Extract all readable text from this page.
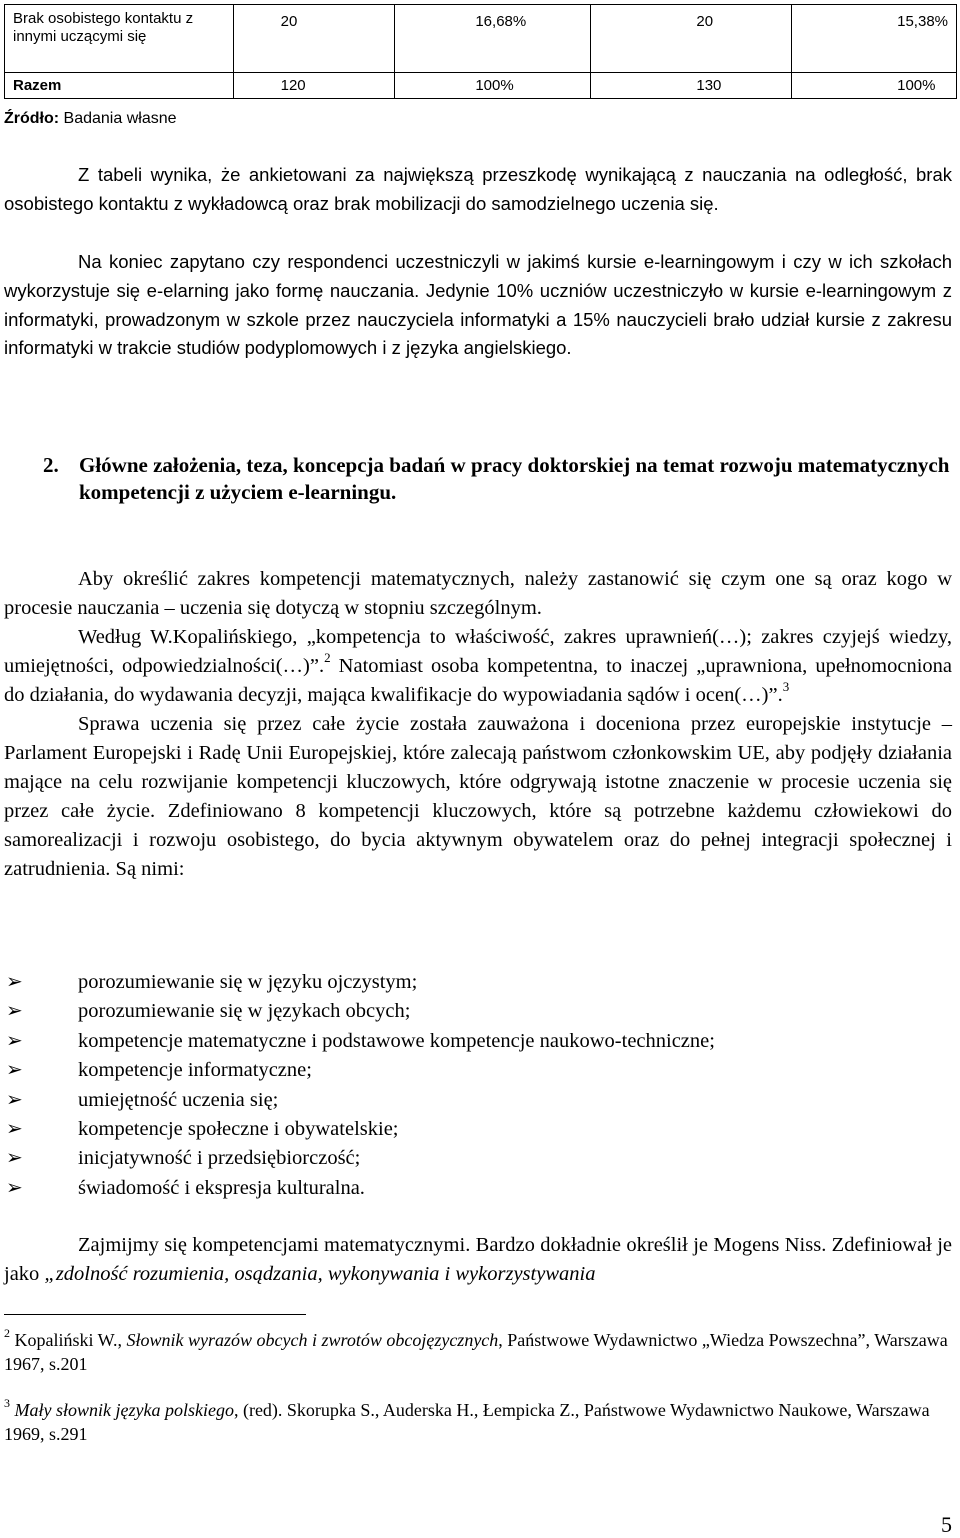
Brak osobistego kontaktu z innymi uczącymi się	20	16,68%	20	15,38%
Razem	120	100%	130	100%
Źródło: Badania własne
Z tabeli wynika, że ankietowani za największą przeszkodę wynikającą z nauczania na odległość, brak osobistego kontaktu z wykładowcą oraz brak mobilizacji do samodzielnego uczenia się.
Na koniec zapytano czy respondenci uczestniczyli w jakimś kursie e-learningowym i czy w ich szkołach wykorzystuje się e-elarning jako formę nauczania. Jedynie 10% uczniów uczestniczyło w kursie e-learningowym z informatyki, prowadzonym w szkole przez nauczyciela informatyki a 15% nauczycieli brało udział kursie z zakresu informatyki w trakcie studiów podyplomowych i z języka angielskiego.
2. Główne założenia, teza, koncepcja badań w pracy doktorskiej na temat rozwoju matematycznych kompetencji z użyciem e-learningu.

Aby określić zakres kompetencji matematycznych, należy zastanowić się czym one są oraz kogo w procesie nauczania – uczenia się dotyczą w stopniu szczególnym.

Według W.Kopalińskiego, „kompetencja to właściwość, zakres uprawnień(…); zakres czyjejś wiedzy, umiejętności, odpowiedzialności(…)”.$^2$ Natomiast osoba kompetentna, to inaczej „uprawniona, upełnomocniona do działania, do wydawania decyzji, mająca kwalifikacje do wypowiadania sądów i ocen(…)”.$^3$

Sprawa uczenia się przez całe życie została zauważona i doceniona przez europejskie instytucje – Parlament Europejski i Radę Unii Europejskiej, które zalecają państwom członkowskim UE, aby podjęły działania mające na celu rozwijanie kompetencji kluczowych, które odgrywają istotne znaczenie w procesie uczenia się przez całe życie. Zdefiniowano 8 kompetencji kluczowych, które są potrzebne każdemu człowiekowi do samorealizacji i rozwoju osobistego, do bycia aktywnym obywatelem oraz do pełnej integracji społecznej i zatrudnienia. Są nimi:

➢	porozumiewanie się w języku ojczystym;
➢	porozumiewanie się w językach obcych;
➢	kompetencje matematyczne i podstawowe kompetencje naukowo-techniczne;
➢	kompetencje informatyczne;
➢	umiejętność uczenia się;
➢	kompetencje społeczne i obywatelskie;
➢	inicjatywność i przedsiębiorczość;
➢	świadomość i ekspresja kulturalna.

Zajmijmy się kompetencjami matematycznymi. Bardzo dokładnie określił je Mogens Niss. Zdefiniował je jako „zdolność rozumienia, osądzania, wykonywania i wykorzystywania

$^2$ Kopaliński W., Słownik wyrazów obcych i zwrotów obcojęzycznych, Państwowe Wydawnictwo „Wiedza Powszechna”, Warszawa 1967, s.201
$^3$ Mały słownik języka polskiego, (red). Skorupka S., Auderska H., Łempicka Z., Państwowe Wydawnictwo Naukowe, Warszawa 1969, s.291
5
